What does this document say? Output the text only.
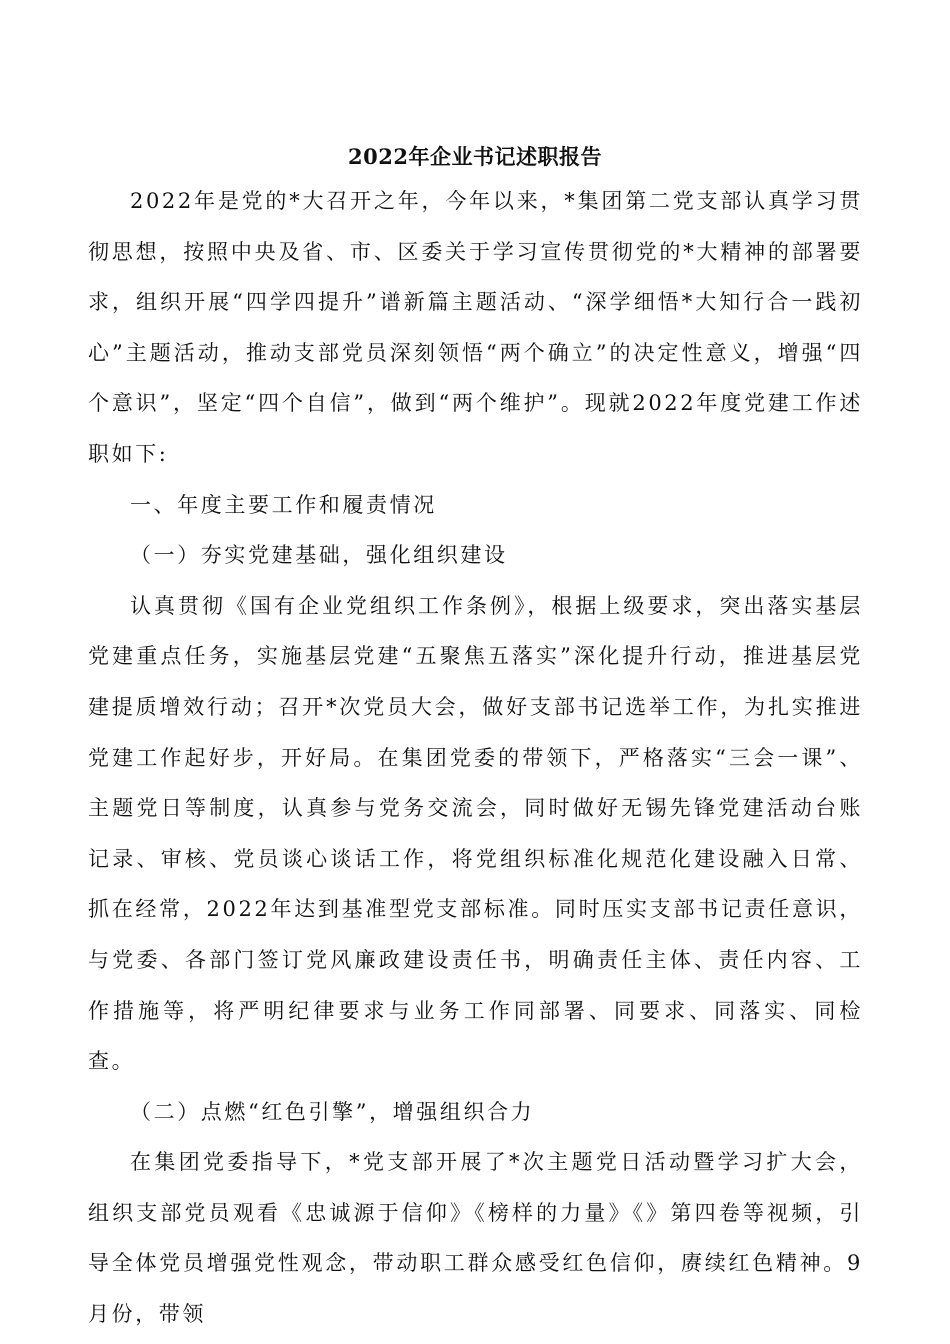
2022年企业书记述职报告

2022年是党的*大召开之年，今年以来，*集团第二党支部认真学习贯彻思想，按照中央及省、市、区委关于学习宣传贯彻党的*大精神的部署要求，组织开展“四学四提升”谱新篇主题活动、“深学细悟*大知行合一践初心”主题活动，推动支部党员深刻领悟“两个确立”的决定性意义，增强“四个意识”，坚定“四个自信”，做到“两个维护”。现就2022年度党建工作述职如下:

一、年度主要工作和履责情况

（一）夯实党建基础，强化组织建设

认真贯彻《国有企业党组织工作条例》，根据上级要求，突出落实基层党建重点任务，实施基层党建“五聚焦五落实”深化提升行动，推进基层党建提质增效行动；召开*次党员大会，做好支部书记选举工作，为扎实推进党建工作起好步，开好局。在集团党委的带领下，严格落实“三会一课”、主题党日等制度，认真参与党务交流会，同时做好无锡先锋党建活动台账记录、审核、党员谈心谈话工作，将党组织标准化规范化建设融入日常、抓在经常，2022年达到基准型党支部标准。同时压实支部书记责任意识，与党委、各部门签订党风廉政建设责任书，明确责任主体、责任内容、工作措施等，将严明纪律要求与业务工作同部署、同要求、同落实、同检查。

（二）点燃“红色引擎”，增强组织合力

在集团党委指导下，*党支部开展了*次主题党日活动暨学习扩大会，组织支部党员观看《忠诚源于信仰》《榜样的力量》《》第四卷等视频，引导全体党员增强党性观念，带动职工群众感受红色信仰，赓续红色精神。9月份，带领
